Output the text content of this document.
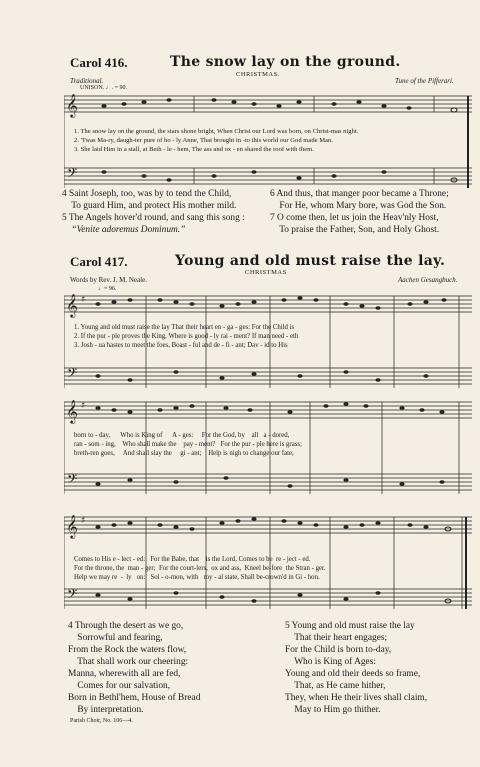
Carol 416.	The snow lay on the ground.
CHRISTMAS.
Traditional.	Tune of the Pifferari.
UNISON. ♩. = 90.
𝄞
𝄢
1. The snow lay on the ground, the stars shone bright, When Christ our Lord was born, on Christ-mas night.
2. 'Twas Ma-ry, daugh-ter pure of ho - ly Anne, That brought in -to this world our God made Man.
3. She laid Him in a stall, at Beth - le - hem, The ass and ox - en shared the roof with them.
4 Saint Joseph, too, was by to tend the Child,
To guard Him, and protect His mother mild.
5 The Angels hover'd round, and sang this song :
“Venite adoremus Dominum.”
6 And thus, that manger poor became a Throne;
For He, whom Mary bore, was God the Son.
7 O come then, let us join the Heav'nly Host,
To praise the Father, Son, and Holy Ghost.
Carol 417.	Young and old must raise the lay.
CHRISTMAS
Words by Rev. J. M. Neale.	Aachen Gesangbuch.
♩= 96.
𝄞 ♯
𝄢
1. Young and old must raise the lay That their heart en - ga - ges: For the Child is
2. If the pur - ple proves the King, Where is good - ly rai - ment? If man need - eth
3. Josh - ua hastes to meet the foes, Boast - ful and de - fi - ant; Dav - id to His
𝄞 ♯
𝄢
born to - day,      Who is King of      A - ges:     For the God, by    all   a - dored,
ran - som - ing,    Who shall make the    pay - ment?   For the pur - ple here is grass;
breth-ren goes,     And shall slay the     gi - ant;    Help is nigh to change our fate,
𝄞 ♯
𝄢
Comes to His e - lect - ed:   For the Babe, that    is the Lord, Comes to be  re - ject - ed.
For the throne, the  man - ger;  For the court-lers,  ox and ass,  Kneel be-fore  the Stran - ger.
Help we may re  -  ly   on:   Sol - o-mon, with   roy - al state, Shall be-crown'd in Gi - hon.
4 Through the desert as we go,
Sorrowful and fearing,
From the Rock the waters flow,
That shall work our cheering:
Manna, wherewith all are fed,
Comes for our salvation,
Born in Bethl'hem, House of Bread
By interpretation.
5 Young and old must raise the lay
That their heart engages;
For the Child is born to-day,
Who is King of Ages:
Young and old their deeds so frame,
That, as He came hither,
They, when He their lives shall claim,
May to Him go thither.
Parish Choir, No. 106—4.
